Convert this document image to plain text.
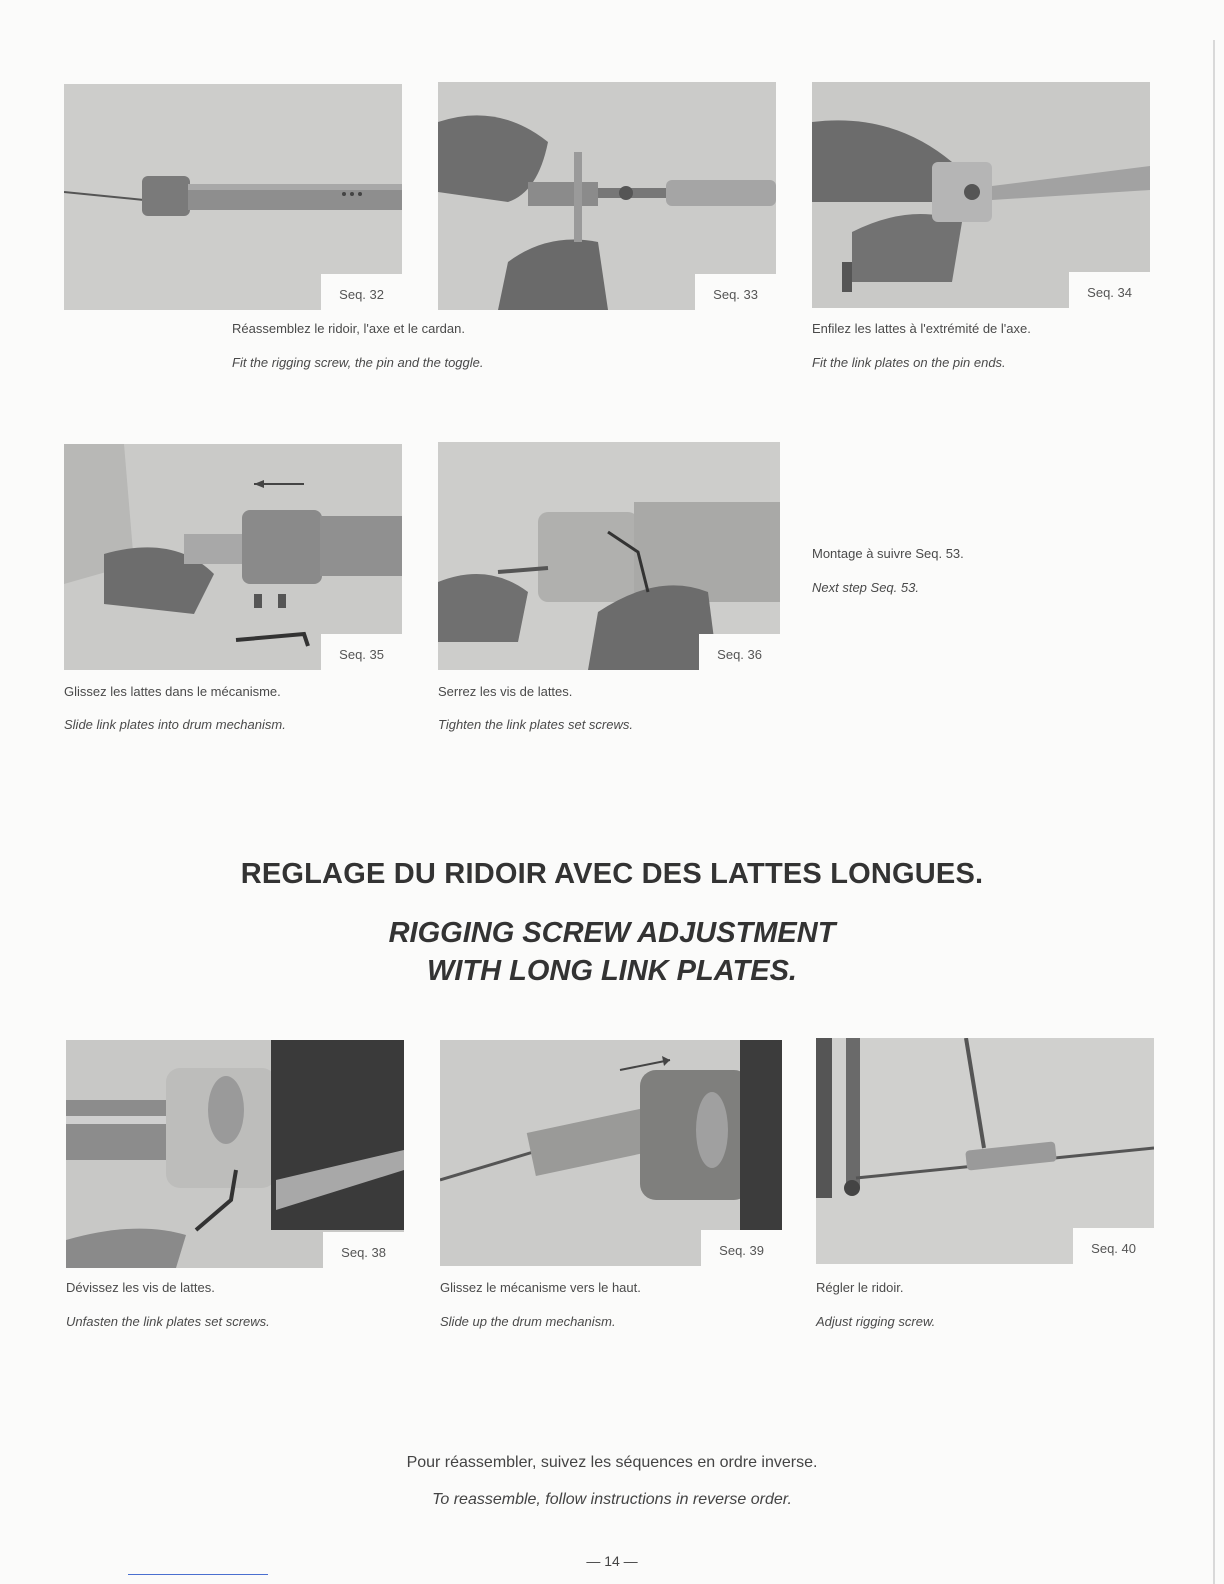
Seq. 32	Seq. 33	Seq. 34
Réassemblez le ridoir, l'axe et le cardan.
Fit the rigging screw, the pin and the toggle.
Enfilez les lattes à l'extrémité de l'axe.
Fit the link plates on the pin ends.
Seq. 35	Seq. 36
Montage à suivre Seq. 53.
Next step Seq. 53.
Glissez les lattes dans le mécanisme.
Slide link plates into drum mechanism.
Serrez les vis de lattes.
Tighten the link plates set screws.
REGLAGE DU RIDOIR AVEC DES LATTES LONGUES.
RIGGING SCREW ADJUSTMENT
WITH LONG LINK PLATES.
Seq. 38	Seq. 39	Seq. 40
Dévissez les vis de lattes.
Unfasten the link plates set screws.
Glissez le mécanisme vers le haut.
Slide up the drum mechanism.
Régler le ridoir.
Adjust rigging screw.
Pour réassembler, suivez les séquences en ordre inverse.
To reassemble, follow instructions in reverse order.
— 14 —
